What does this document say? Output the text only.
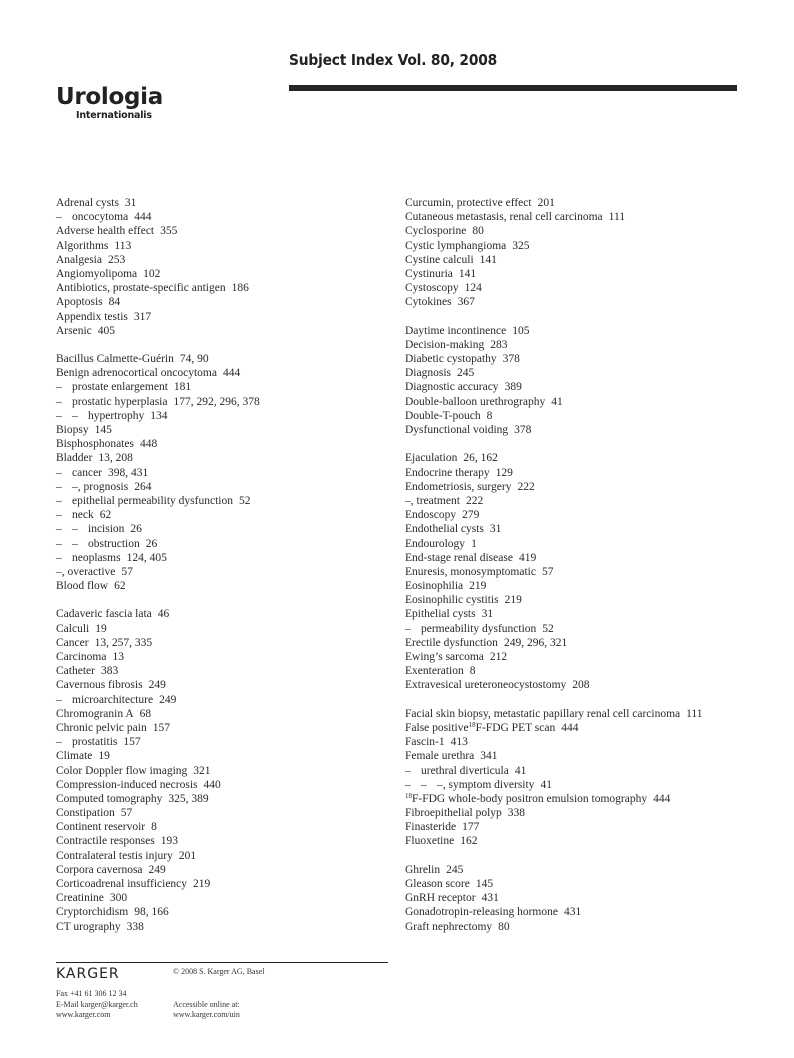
Subject Index Vol. 80, 2008
Urologia
Internationalis
Adrenal cysts 31
– oncocytoma 444
Adverse health effect 355
Algorithms 113
Analgesia 253
Angiomyolipoma 102
Antibiotics, prostate-specific antigen 186
Apoptosis 84
Appendix testis 317
Arsenic 405
Bacillus Calmette-Guérin 74, 90
Benign adrenocortical oncocytoma 444
– prostate enlargement 181
– prostatic hyperplasia 177, 292, 296, 378
– – hypertrophy 134
Biopsy 145
Bisphosphonates 448
Bladder 13, 208
– cancer 398, 431
– –, prognosis 264
– epithelial permeability dysfunction 52
– neck 62
– – incision 26
– – obstruction 26
– neoplasms 124, 405
–, overactive 57
Blood flow 62
Cadaveric fascia lata 46
Calculi 19
Cancer 13, 257, 335
Carcinoma 13
Catheter 383
Cavernous fibrosis 249
– microarchitecture 249
Chromogranin A 68
Chronic pelvic pain 157
– prostatitis 157
Climate 19
Color Doppler flow imaging 321
Compression-induced necrosis 440
Computed tomography 325, 389
Constipation 57
Continent reservoir 8
Contractile responses 193
Contralateral testis injury 201
Corpora cavernosa 249
Corticoadrenal insufficiency 219
Creatinine 300
Cryptorchidism 98, 166
CT urography 338
Curcumin, protective effect 201
Cutaneous metastasis, renal cell carcinoma 111
Cyclosporine 80
Cystic lymphangioma 325
Cystine calculi 141
Cystinuria 141
Cystoscopy 124
Cytokines 367
Daytime incontinence 105
Decision-making 283
Diabetic cystopathy 378
Diagnosis 245
Diagnostic accuracy 389
Double-balloon urethrography 41
Double-T-pouch 8
Dysfunctional voiding 378
Ejaculation 26, 162
Endocrine therapy 129
Endometriosis, surgery 222
–, treatment 222
Endoscopy 279
Endothelial cysts 31
Endourology 1
End-stage renal disease 419
Enuresis, monosymptomatic 57
Eosinophilia 219
Eosinophilic cystitis 219
Epithelial cysts 31
– permeability dysfunction 52
Erectile dysfunction 249, 296, 321
Ewing’s sarcoma 212
Exenteration 8
Extravesical ureteroneocystostomy 208
Facial skin biopsy, metastatic papillary renal cell carcinoma 111
False positive$^{18}$F-FDG PET scan 444
Fascin-1 413
Female urethra 341
– urethral diverticula 41
– – –, symptom diversity 41
$^{18}$F-FDG whole-body positron emulsion tomography 444
Fibroepithelial polyp 338
Finasteride 177
Fluoxetine 162
Ghrelin 245
Gleason score 145
GnRH receptor 431
Gonadotropin-releasing hormone 431
Graft nephrectomy 80
KARGER	© 2008 S. Karger AG, Basel
Fax +41 61 306 12 34
E-Mail karger@karger.ch
www.karger.com
Accessible online at:
www.karger.com/uin
